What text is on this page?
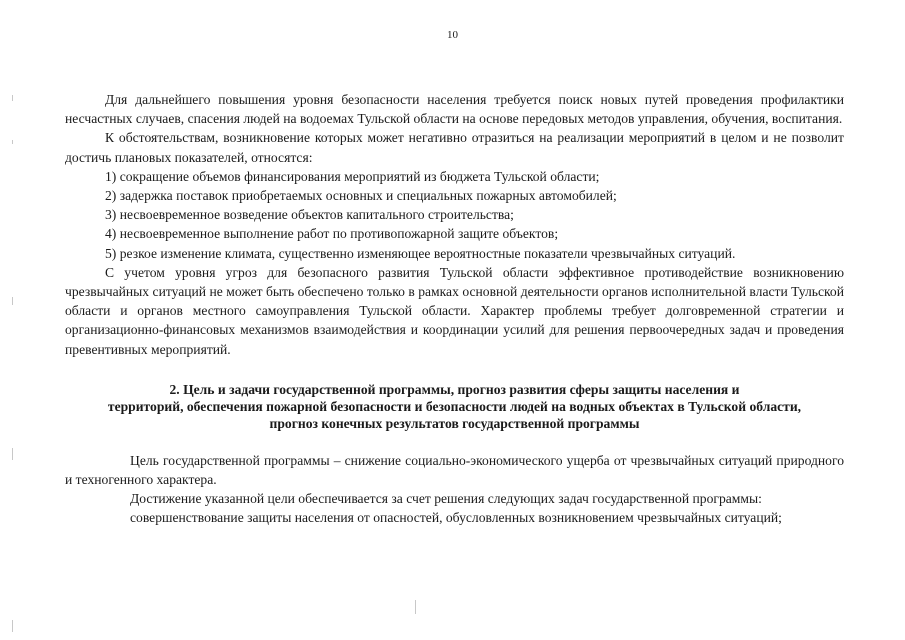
10

Для дальнейшего повышения уровня безопасности населения требуется поиск новых путей проведения профилактики несчастных случаев, спасения людей на водоемах Тульской области на основе передовых методов управления, обучения, воспитания.

К обстоятельствам, возникновение которых может негативно отразиться на реализации мероприятий в целом и не позволит достичь плановых показателей, относятся:

1) сокращение объемов финансирования мероприятий из бюджета Тульской области;

2) задержка поставок приобретаемых основных и специальных пожарных автомобилей;

3) несвоевременное возведение объектов капитального строительства;

4) несвоевременное выполнение работ по противопожарной защите объектов;

5) резкое изменение климата, существенно изменяющее вероятностные показатели чрезвычайных ситуаций.

С учетом уровня угроз для безопасного развития Тульской области эффективное противодействие возникновению чрезвычайных ситуаций не может быть обеспечено только в рамках основной деятельности органов исполнительной власти Тульской области и органов местного самоуправления Тульской области. Характер проблемы требует долговременной стратегии и организационно-финансовых механизмов взаимодействия и координации усилий для решения первоочередных задач и проведения превентивных мероприятий.

2. Цель и задачи государственной программы, прогноз развития сферы защиты населения и
территорий, обеспечения пожарной безопасности и безопасности людей на водных объектах в Тульской области,
прогноз конечных результатов государственной программы

Цель государственной программы – снижение социально-экономического ущерба от чрезвычайных ситуаций природного и техногенного характера.

Достижение указанной цели обеспечивается за счет решения следующих задач государственной программы:

совершенствование защиты населения от опасностей, обусловленных возникновением чрезвычайных ситуаций;
